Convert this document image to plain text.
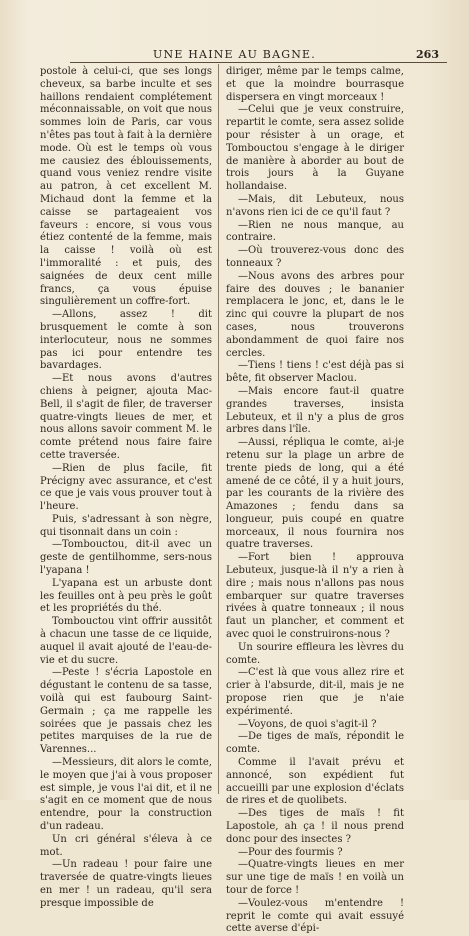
UNE HAINE AU BAGNE.	263

postole à celui-ci, que ses longs cheveux, sa barbe inculte et ses haillons rendaient complétement méconnaissable, on voit que nous sommes loin de Paris, car vous n'êtes pas tout à fait à la dernière mode. Où est le temps où vous me causiez des éblouissements, quand vous veniez rendre visite au patron, à cet excellent M. Michaud dont la femme et la caisse se partageaient vos faveurs : encore, si vous vous étiez contenté de la femme, mais la caisse ! voilà où est l'immoralité : et puis, des saignées de deux cent mille francs, ça vous épuise singulièrement un coffre-fort.

—Allons, assez ! dit brusquement le comte à son interlocuteur, nous ne sommes pas ici pour entendre tes bavardages.

—Et nous avons d'autres chiens à peigner, ajouta Mac-Bell, il s'agit de filer, de traverser quatre-vingts lieues de mer, et nous allons savoir comment M. le comte prétend nous faire faire cette traversée.

—Rien de plus facile, fit Précigny avec assurance, et c'est ce que je vais vous prouver tout à l'heure.

Puis, s'adressant à son nègre, qui tisonnait dans un coin :

—Tombouctou, dit-il avec un geste de gentilhomme, sers-nous l'yapana !

L'yapana est un arbuste dont les feuilles ont à peu près le goût et les propriétés du thé.

Tombouctou vint offrir aussitôt à chacun une tasse de ce liquide, auquel il avait ajouté de l'eau-de-vie et du sucre.

—Peste ! s'écria Lapostole en dégustant le contenu de sa tasse, voilà qui est faubourg Saint-Germain ; ça me rappelle les soirées que je passais chez les petites marquises de la rue de Varennes...

—Messieurs, dit alors le comte, le moyen que j'ai à vous proposer est simple, je vous l'ai dit, et il ne s'agit en ce moment que de nous entendre, pour la construction d'un radeau.

Un cri général s'éleva à ce mot.

—Un radeau ! pour faire une traversée de quatre-vingts lieues en mer ! un radeau, qu'il sera presque impossible de

diriger, même par le temps calme, et que la moindre bourrasque dispersera en vingt morceaux !

—Celui que je veux construire, repartit le comte, sera assez solide pour résister à un orage, et Tombouctou s'engage à le diriger de manière à aborder au bout de trois jours à la Guyane hollandaise.

—Mais, dit Lebuteux, nous n'avons rien ici de ce qu'il faut ?

—Rien ne nous manque, au contraire.

—Où trouverez-vous donc des tonneaux ?

—Nous avons des arbres pour faire des douves ; le bananier remplacera le jonc, et, dans le le zinc qui couvre la plupart de nos cases, nous trouverons abondamment de quoi faire nos cercles.

—Tiens ! tiens ! c'est déjà pas si bête, fit observer Maclou.

—Mais encore faut-il quatre grandes traverses, insista Lebuteux, et il n'y a plus de gros arbres dans l'île.

—Aussi, répliqua le comte, ai-je retenu sur la plage un arbre de trente pieds de long, qui a été amené de ce côté, il y a huit jours, par les courants de la rivière des Amazones ; fendu dans sa longueur, puis coupé en quatre morceaux, il nous fournira nos quatre traverses.

—Fort bien ! approuva Lebuteux, jusque-là il n'y a rien à dire ; mais nous n'allons pas nous embarquer sur quatre traverses rivées à quatre tonneaux ; il nous faut un plancher, et comment et avec quoi le construirons-nous ?

Un sourire effleura les lèvres du comte.

—C'est là que vous allez rire et crier à l'absurde, dit-il, mais je ne propose rien que je n'aie expérimenté.

—Voyons, de quoi s'agit-il ?

—De tiges de maïs, répondit le comte.

Comme il l'avait prévu et annoncé, son expédient fut accueilli par une explosion d'éclats de rires et de quolibets.

—Des tiges de maïs ! fit Lapostole, ah ça ! il nous prend donc pour des insectes ?

—Pour des fourmis ?

—Quatre-vingts lieues en mer sur une tige de maïs ! en voilà un tour de force !

—Voulez-vous m'entendre ! reprit le comte qui avait essuyé cette averse d'épi-
